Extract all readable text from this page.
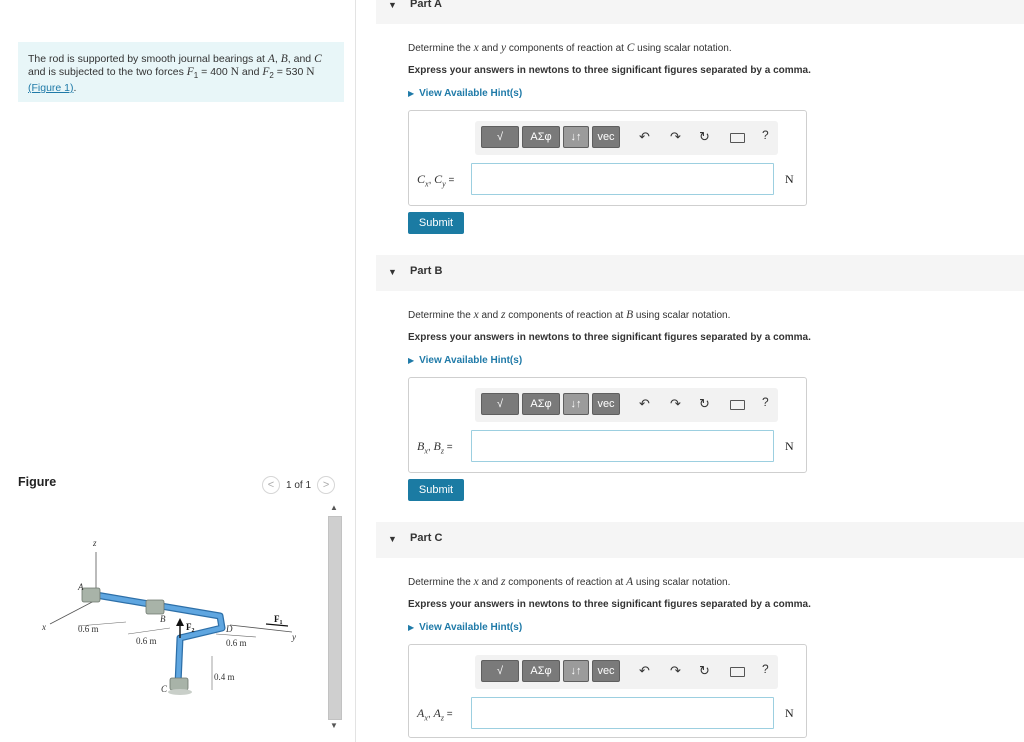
The rod is supported by smooth journal bearings at A, B, and C and is subjected to the two forces $F_1 = 400$ N and $F_2 = 530$ N
(Figure 1).
Figure	<	1 of 1	>
z
x
y
A
B
C
D
$F_2$
$F_1$
0.6 m
0.6 m	0.6 m
0.4 m
▲
▼
▼ Part A
Determine the x and y components of reaction at C using scalar notation.
Express your answers in newtons to three significant figures separated by a comma.
▶ View Available Hint(s)
√ ΑΣφ ↓↑ vec ↶ ↷ ↻	?
$C_x$, $C_y$ =	N
Submit
▼ Part B
Determine the x and z components of reaction at B using scalar notation.
Express your answers in newtons to three significant figures separated by a comma.
▶ View Available Hint(s)
√ ΑΣφ ↓↑ vec ↶ ↷ ↻	?
$B_x$, $B_z$ =	N
Submit
▼ Part C
Determine the x and z components of reaction at A using scalar notation.
Express your answers in newtons to three significant figures separated by a comma.
▶ View Available Hint(s)
√ ΑΣφ ↓↑ vec ↶ ↷ ↻	?
$A_x$, $A_z$ =	N
